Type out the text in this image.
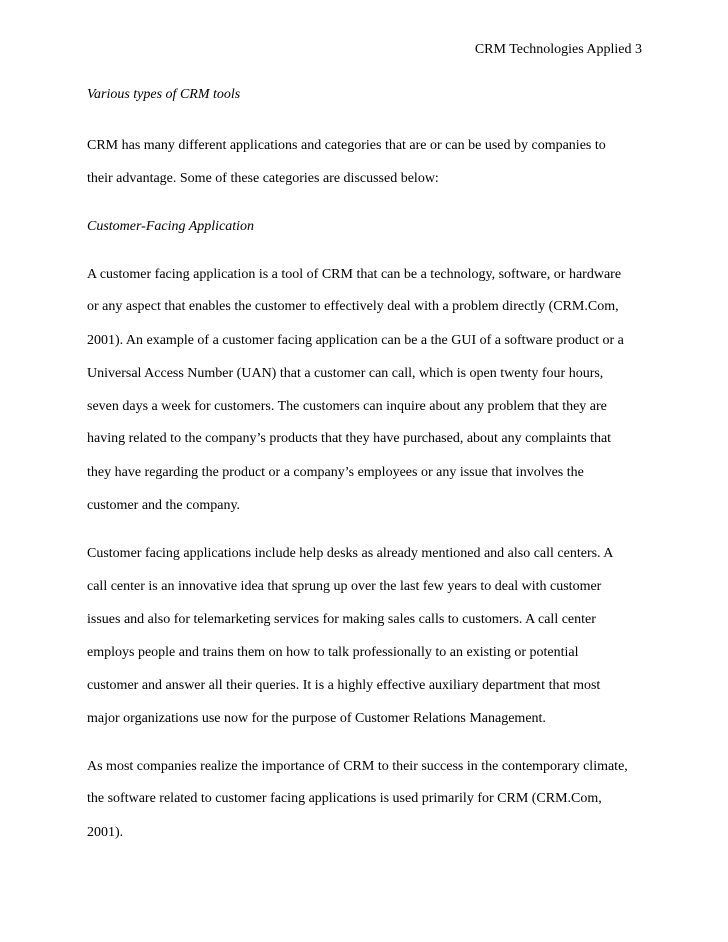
CRM Technologies Applied 3
Various types of CRM tools
CRM has many different applications and categories that are or can be used by companies to
their advantage. Some of these categories are discussed below:
Customer-Facing Application
A customer facing application is a tool of CRM that can be a technology, software, or hardware
or any aspect that enables the customer to effectively deal with a problem directly (CRM.Com,
2001). An example of a customer facing application can be a the GUI of a software product or a
Universal Access Number (UAN) that a customer can call, which is open twenty four hours,
seven days a week for customers. The customers can inquire about any problem that they are
having related to the company’s products that they have purchased, about any complaints that
they have regarding the product or a company’s employees or any issue that involves the
customer and the company.
Customer facing applications include help desks as already mentioned and also call centers. A
call center is an innovative idea that sprung up over the last few years to deal with customer
issues and also for telemarketing services for making sales calls to customers. A call center
employs people and trains them on how to talk professionally to an existing or potential
customer and answer all their queries. It is a highly effective auxiliary department that most
major organizations use now for the purpose of Customer Relations Management.
As most companies realize the importance of CRM to their success in the contemporary climate,
the software related to customer facing applications is used primarily for CRM (CRM.Com,
2001).
